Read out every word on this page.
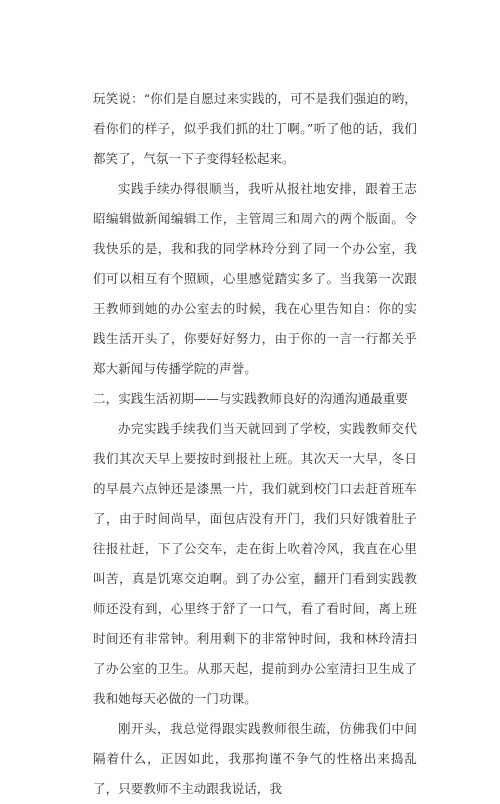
玩笑说：“你们是自愿过来实践的，可不是我们强迫的哟，看你们的样子，似乎我们抓的壮丁啊。”听了他的话，我们都笑了，气氛一下子变得轻松起来。

实践手续办得很顺当，我听从报社地安排，跟着王志昭编辑做新闻编辑工作，主管周三和周六的两个版面。令我快乐的是，我和我的同学林玲分到了同一个办公室，我们可以相互有个照顾，心里感觉踏实多了。当我第一次跟王教师到她的办公室去的时候，我在心里告知自：你的实践生活开头了，你要好好努力，由于你的一言一行都关乎郑大新闻与传播学院的声誉。

二，实践生活初期——与实践教师良好的沟通沟通最重要

办完实践手续我们当天就回到了学校，实践教师交代我们其次天早上要按时到报社上班。其次天一大早，冬日的早晨六点钟还是漆黑一片，我们就到校门口去赶首班车了，由于时间尚早，面包店没有开门，我们只好饿着肚子往报社赶，下了公交车，走在街上吹着冷风，我直在心里叫苦，真是饥寒交迫啊。到了办公室，翻开门看到实践教师还没有到，心里终于舒了一口气，看了看时间，离上班时间还有非常钟。利用剩下的非常钟时间，我和林玲清扫了办公室的卫生。从那天起，提前到办公室清扫卫生成了我和她每天必做的一门功课。

刚开头，我总觉得跟实践教师很生疏，仿佛我们中间隔着什么，正因如此，我那拘谨不争气的性格出来捣乱了，只要教师不主动跟我说话，我
